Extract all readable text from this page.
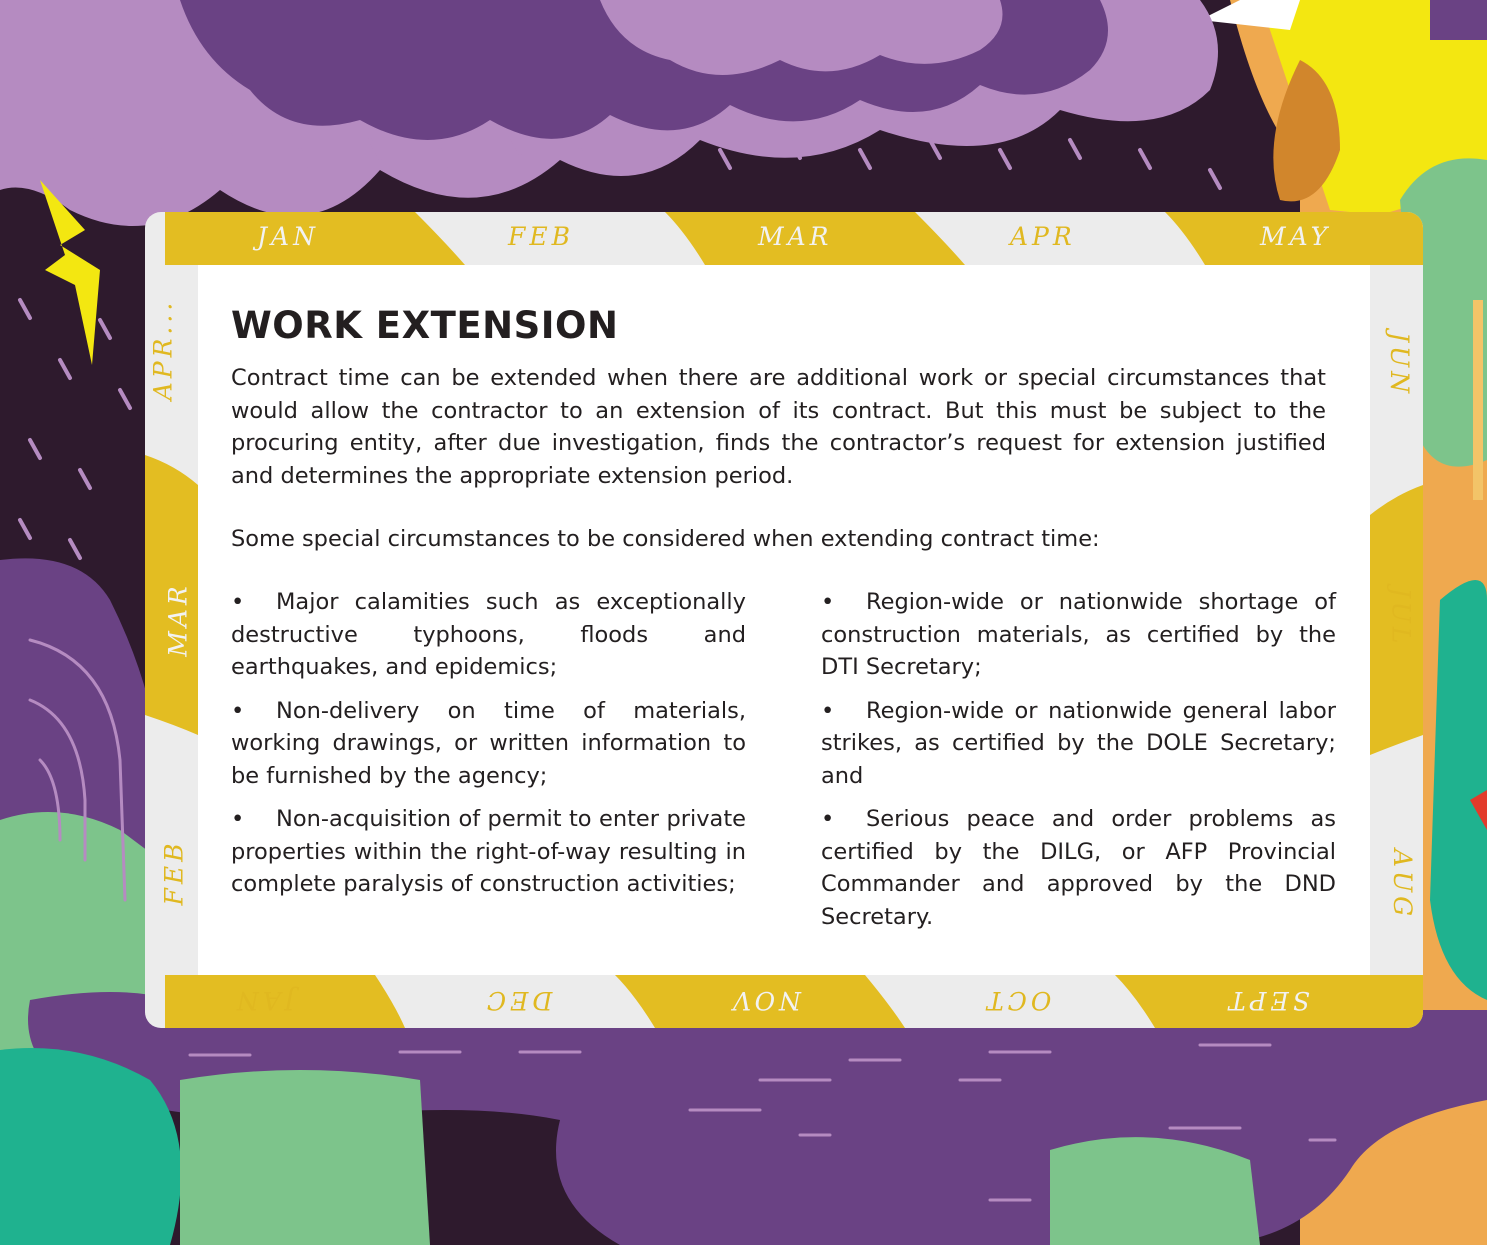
JAN	FEB	MAR	APR	MAY
JAN	DEC	NOV	OCT	SEPT
APR...
MAR
FEB
JUN
JUL
AUG
WORK EXTENSION

Contract time can be extended when there are additional work or special circumstances that would allow the contractor to an extension of its contract. But this must be subject to the procuring entity, after due investigation, finds the contractor’s request for extension justified and determines the appropriate extension period.

Some special circumstances to be considered when extending contract time:

• Major calamities such as exceptionally destructive typhoons, floods and earthquakes, and epidemics;

• Non-delivery on time of materials, working drawings, or written information to be furnished by the agency;

• Non-acquisition of permit to enter private properties within the right-of-way resulting in complete paralysis of construction activities;

• Region-wide or nationwide shortage of construction materials, as certified by the DTI Secretary;

• Region-wide or nationwide general labor strikes, as certified by the DOLE Secretary; and

• Serious peace and order problems as certified by the DILG, or AFP Provincial Commander and approved by the DND Secretary.
